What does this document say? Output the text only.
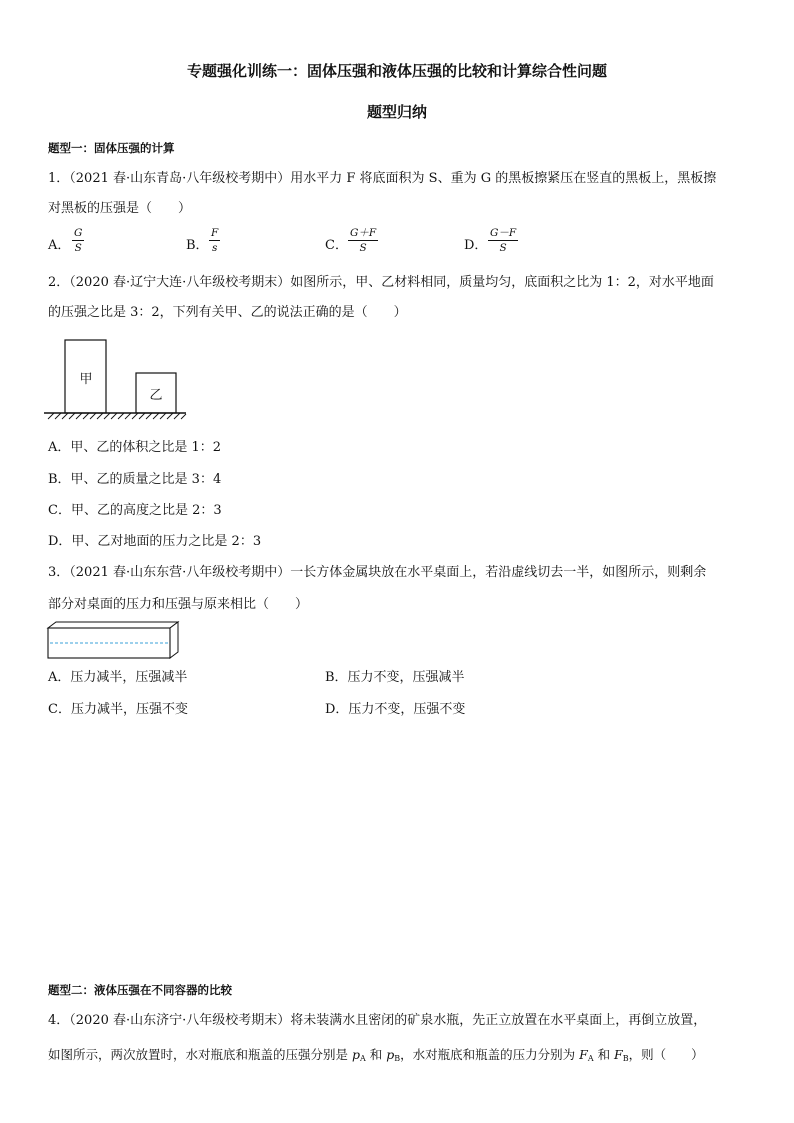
专题强化训练一：固体压强和液体压强的比较和计算综合性问题
题型归纳
题型一：固体压强的计算
1．（2021 春·山东青岛·八年级校考期中）用水平力 F 将底面积为 S、重为 G 的黑板擦紧压在竖直的黑板上，黑板擦
对黑板的压强是（　　）
A． $\frac{G}{S}$	B． $\frac{F}{s}$	C． $\frac{G+F}{S}$	D． $\frac{G-F}{S}$
2．（2020 春·辽宁大连·八年级校考期末）如图所示，甲、乙材料相同，质量均匀，底面积之比为 1：2，对水平地面
的压强之比是 3：2，下列有关甲、乙的说法正确的是（　　）
甲
乙
A．甲、乙的体积之比是 1：2
B．甲、乙的质量之比是 3：4
C．甲、乙的高度之比是 2：3
D．甲、乙对地面的压力之比是 2：3
3．（2021 春·山东东营·八年级校考期中）一长方体金属块放在水平桌面上，若沿虚线切去一半，如图所示，则剩余
部分对桌面的压力和压强与原来相比（　　）
A．压力减半，压强减半	B．压力不变，压强减半
C．压力减半，压强不变	D．压力不变，压强不变
题型二：液体压强在不同容器的比较
4．（2020 春·山东济宁·八年级校考期末）将未装满水且密闭的矿泉水瓶，先正立放置在水平桌面上，再倒立放置，
如图所示，两次放置时，水对瓶底和瓶盖的压强分别是 $p_A$ 和 $p_B$，水对瓶底和瓶盖的压力分别为 $F_A$ 和 $F_B$，则（　　）
